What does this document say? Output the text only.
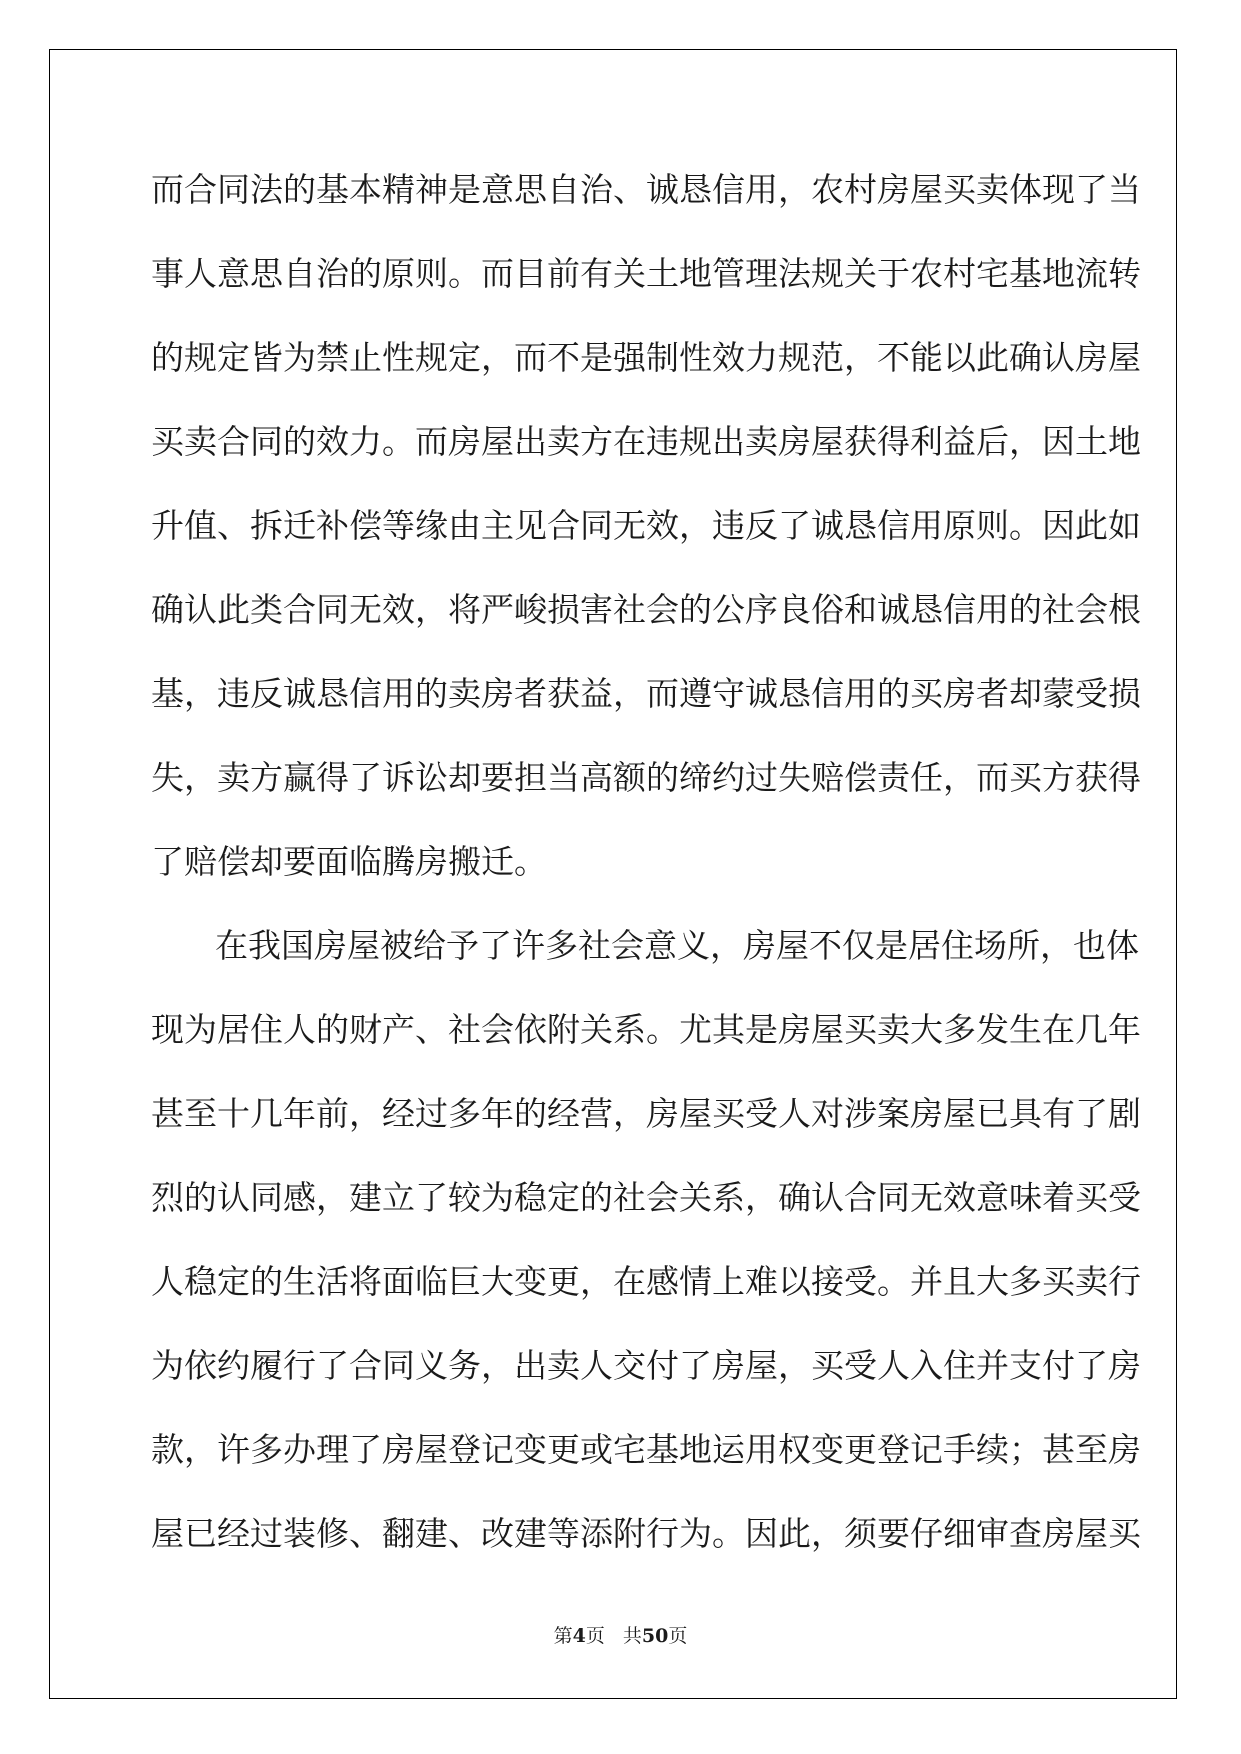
而合同法的基本精神是意思自治、诚恳信用，农村房屋买卖体现了当
事人意思自治的原则。而目前有关土地管理法规关于农村宅基地流转
的规定皆为禁止性规定，而不是强制性效力规范，不能以此确认房屋
买卖合同的效力。而房屋出卖方在违规出卖房屋获得利益后，因土地
升值、拆迁补偿等缘由主见合同无效，违反了诚恳信用原则。因此如
确认此类合同无效，将严峻损害社会的公序良俗和诚恳信用的社会根
基，违反诚恳信用的卖房者获益，而遵守诚恳信用的买房者却蒙受损
失，卖方赢得了诉讼却要担当高额的缔约过失赔偿责任，而买方获得
了赔偿却要面临腾房搬迁。
在我国房屋被给予了许多社会意义，房屋不仅是居住场所，也体
现为居住人的财产、社会依附关系。尤其是房屋买卖大多发生在几年
甚至十几年前，经过多年的经营，房屋买受人对涉案房屋已具有了剧
烈的认同感，建立了较为稳定的社会关系，确认合同无效意味着买受
人稳定的生活将面临巨大变更，在感情上难以接受。并且大多买卖行
为依约履行了合同义务，出卖人交付了房屋，买受人入住并支付了房
款，许多办理了房屋登记变更或宅基地运用权变更登记手续；甚至房
屋已经过装修、翻建、改建等添附行为。因此，须要仔细审查房屋买
第4页 共50页
